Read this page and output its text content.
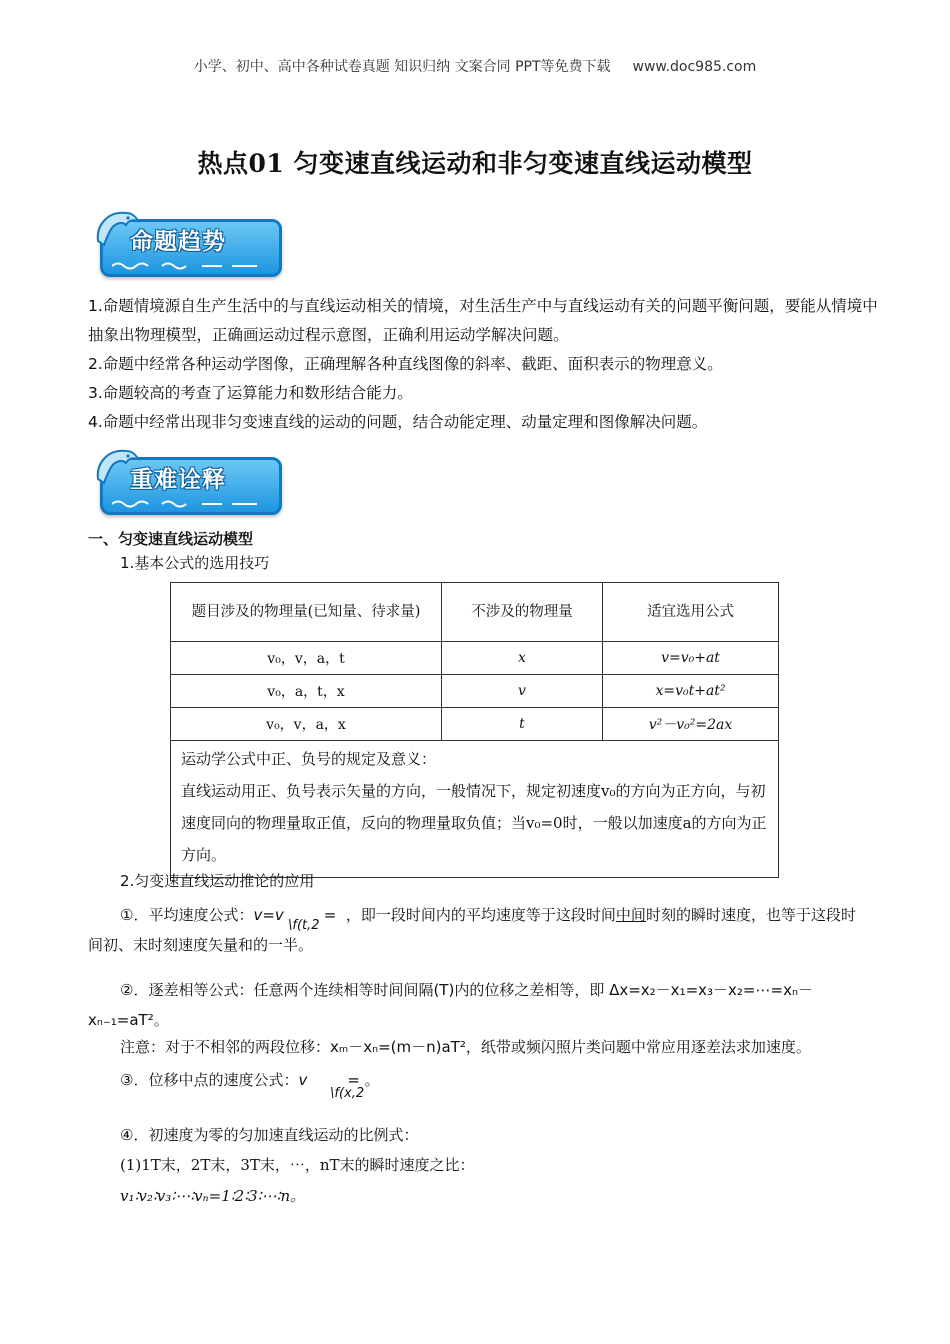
小学、初中、高中各种试卷真题 知识归纳 文案合同 PPT等免费下载 www.doc985.com
热点01 匀变速直线运动和非匀变速直线运动模型
命题趋势
1.命题情境源自生产生活中的与直线运动相关的情境，对生活生产中与直线运动有关的问题平衡问题，要能从情境中抽象出物理模型，正确画运动过程示意图，正确利用运动学解决问题。
2.命题中经常各种运动学图像，正确理解各种直线图像的斜率、截距、面积表示的物理意义。
3.命题较高的考查了运算能力和数形结合能力。
4.命题中经常出现非匀变速直线的运动的问题，结合动能定理、动量定理和图像解决问题。
重难诠释
一、匀变速直线运动模型
1.基本公式的选用技巧
题目涉及的物理量(已知量、待求量)	不涉及的物理量	适宜选用公式
v₀，v，a，t	x	v=v₀+at
v₀，a，t，x	v	x=v₀t+at²
v₀，v，a，x	t	v²－v₀²=2ax

运动学公式中正、负号的规定及意义：
直线运动用正、负号表示矢量的方向，一般情况下，规定初速度v₀的方向为正方向，与初速度同向的物理量取正值，反向的物理量取负值；当v₀=0时，一般以加速度a的方向为正方向。		
2.匀变速直线运动推论的应用
①．平均速度公式：v=v	= ，即一段时间内的平均速度等于这段时间中间时刻的瞬时速度，也等于这段时间初、末时刻速度矢量和的一半。
\f(t,2
②．逐差相等公式：任意两个连续相等时间间隔(T)内的位移之差相等，即 Δx=x₂－x₁=x₃－x₂=⋯=xₙ－xₙ₋₁=aT²。
注意：对于不相邻的两段位移：xₘ－xₙ=(m－n)aT²，纸带或频闪照片类问题中常应用逐差法求加速度。
③．位移中点的速度公式：v	= 。
\f(x,2
④．初速度为零的匀加速直线运动的比例式：
(1)1T末，2T末，3T末，⋯，nT末的瞬时速度之比：
v₁∶v₂∶v₃∶⋯∶vₙ=1∶2∶3∶⋯∶n。
